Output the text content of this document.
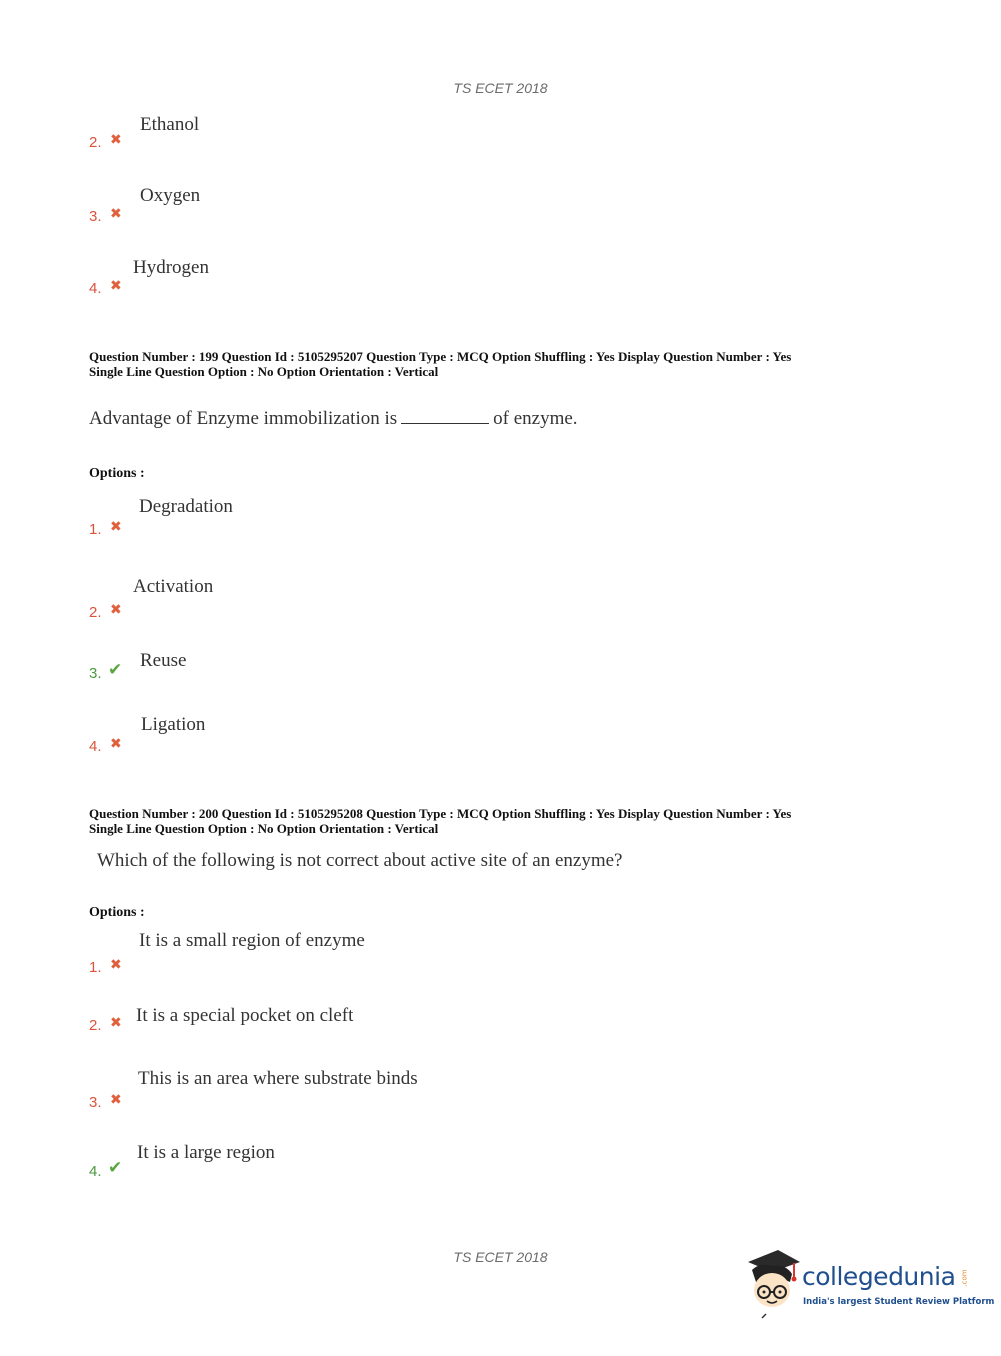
TS ECET 2018
Ethanol
2. ✖
Oxygen
3. ✖
Hydrogen
4. ✖
Question Number : 199 Question Id : 5105295207 Question Type : MCQ Option Shuffling : Yes Display Question Number : Yes
Single Line Question Option : No Option Orientation : Vertical
Advantage of Enzyme immobilization is	of enzyme.
Options :
Degradation
1. ✖
Activation
2. ✖
Reuse
3. ✔
Ligation
4. ✖
Question Number : 200 Question Id : 5105295208 Question Type : MCQ Option Shuffling : Yes Display Question Number : Yes
Single Line Question Option : No Option Orientation : Vertical
Which of the following is not correct about active site of an enzyme?
Options :
It is a small region of enzyme
1. ✖
It is a special pocket on cleft
2. ✖
This is an area where substrate binds
3. ✖
It is a large region
4. ✔
TS ECET 2018
collegedunia .com
India's largest Student Review Platform
